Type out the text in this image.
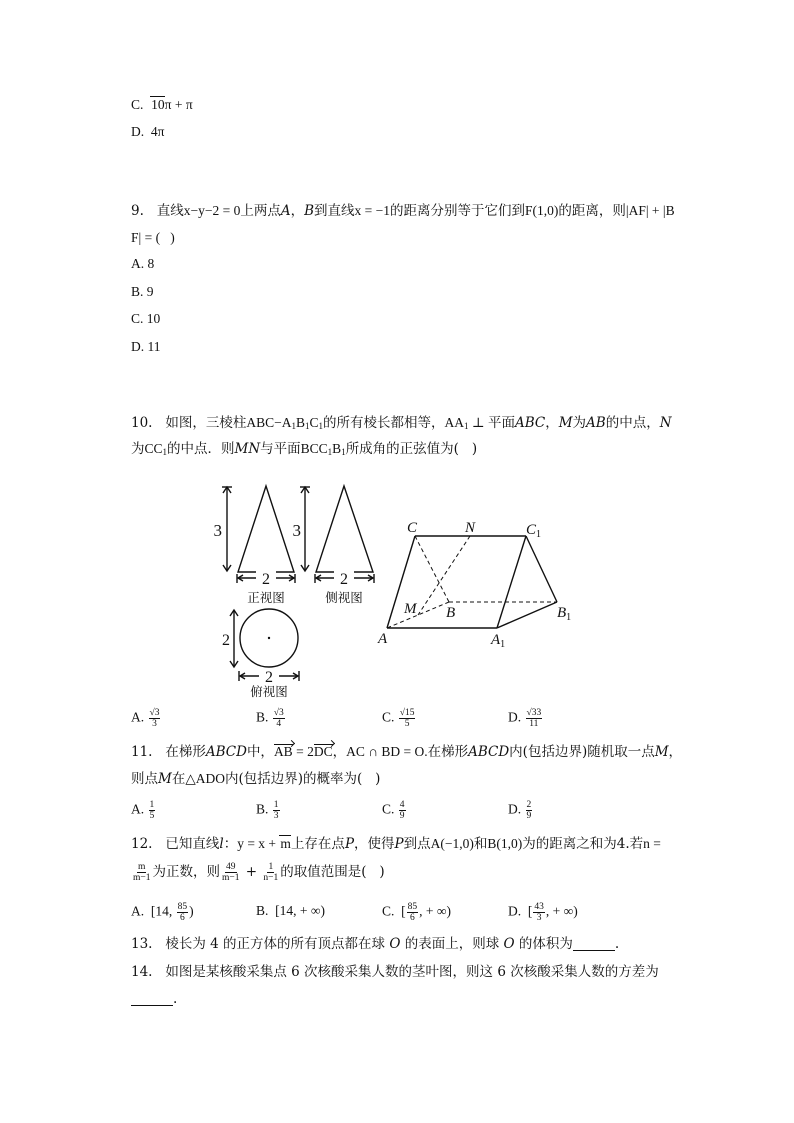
C.  10π + π
D.  4π
9.   直线x−y−2 = 0上两点A，B到直线x = −1的距离分别等于它们到F(1,0)的距离，则|AF| + |B
F| = (   )
A. 8
B. 9
C. 10
D. 11
10.   如图，三棱柱$ABC-A_1B_1C_1$的所有棱长都相等，$AA_1$ ⊥ 平面ABC，M为AB的中点，N
为$CC_1$的中点．则MN与平面$BCC_1B_1$所成角的正弦值为(   )
3
2
正视图
3
2
侧视图
2
2
俯视图
C	N	$C_1$
M B	$B_1$
A	$A_1$
A. $\frac{√3}{3}$	B. $\frac{√3}{4}$	C. $\frac{√15}{5}$	D. $\frac{√33}{11}$
11.   在梯形ABCD中，AB = 2DC，AC ∩ BD = O.在梯形ABCD内(包括边界)随机取一点M，
则点M在△ADO内(包括边界)的概率为(   )
A. $\frac{1}{5}$	B. $\frac{1}{3}$	C. $\frac{4}{9}$	D. $\frac{2}{9}$
12.   已知直线l：y = x + m上存在点P，使得P到点A(−1,0)和B(1,0)为的距离之和为4.若n =
$\frac{m}{m-1}$ 为正数，则 $\frac{49}{m-1} + \frac{1}{n-1}$ 的取值范围是(   )
A.  [14, $\frac{85}{6}$ )	B.  [14, + ∞)	C.  [ $\frac{85}{6}$ , + ∞)	D.  [ $\frac{43}{3}$ , + ∞)
13.   棱长为 4 的正方体的所有顶点都在球 O 的表面上，则球 O 的体积为	.
14.   如图是某核酸采集点 6 次核酸采集人数的茎叶图，则这 6 次核酸采集人数的方差为
.
